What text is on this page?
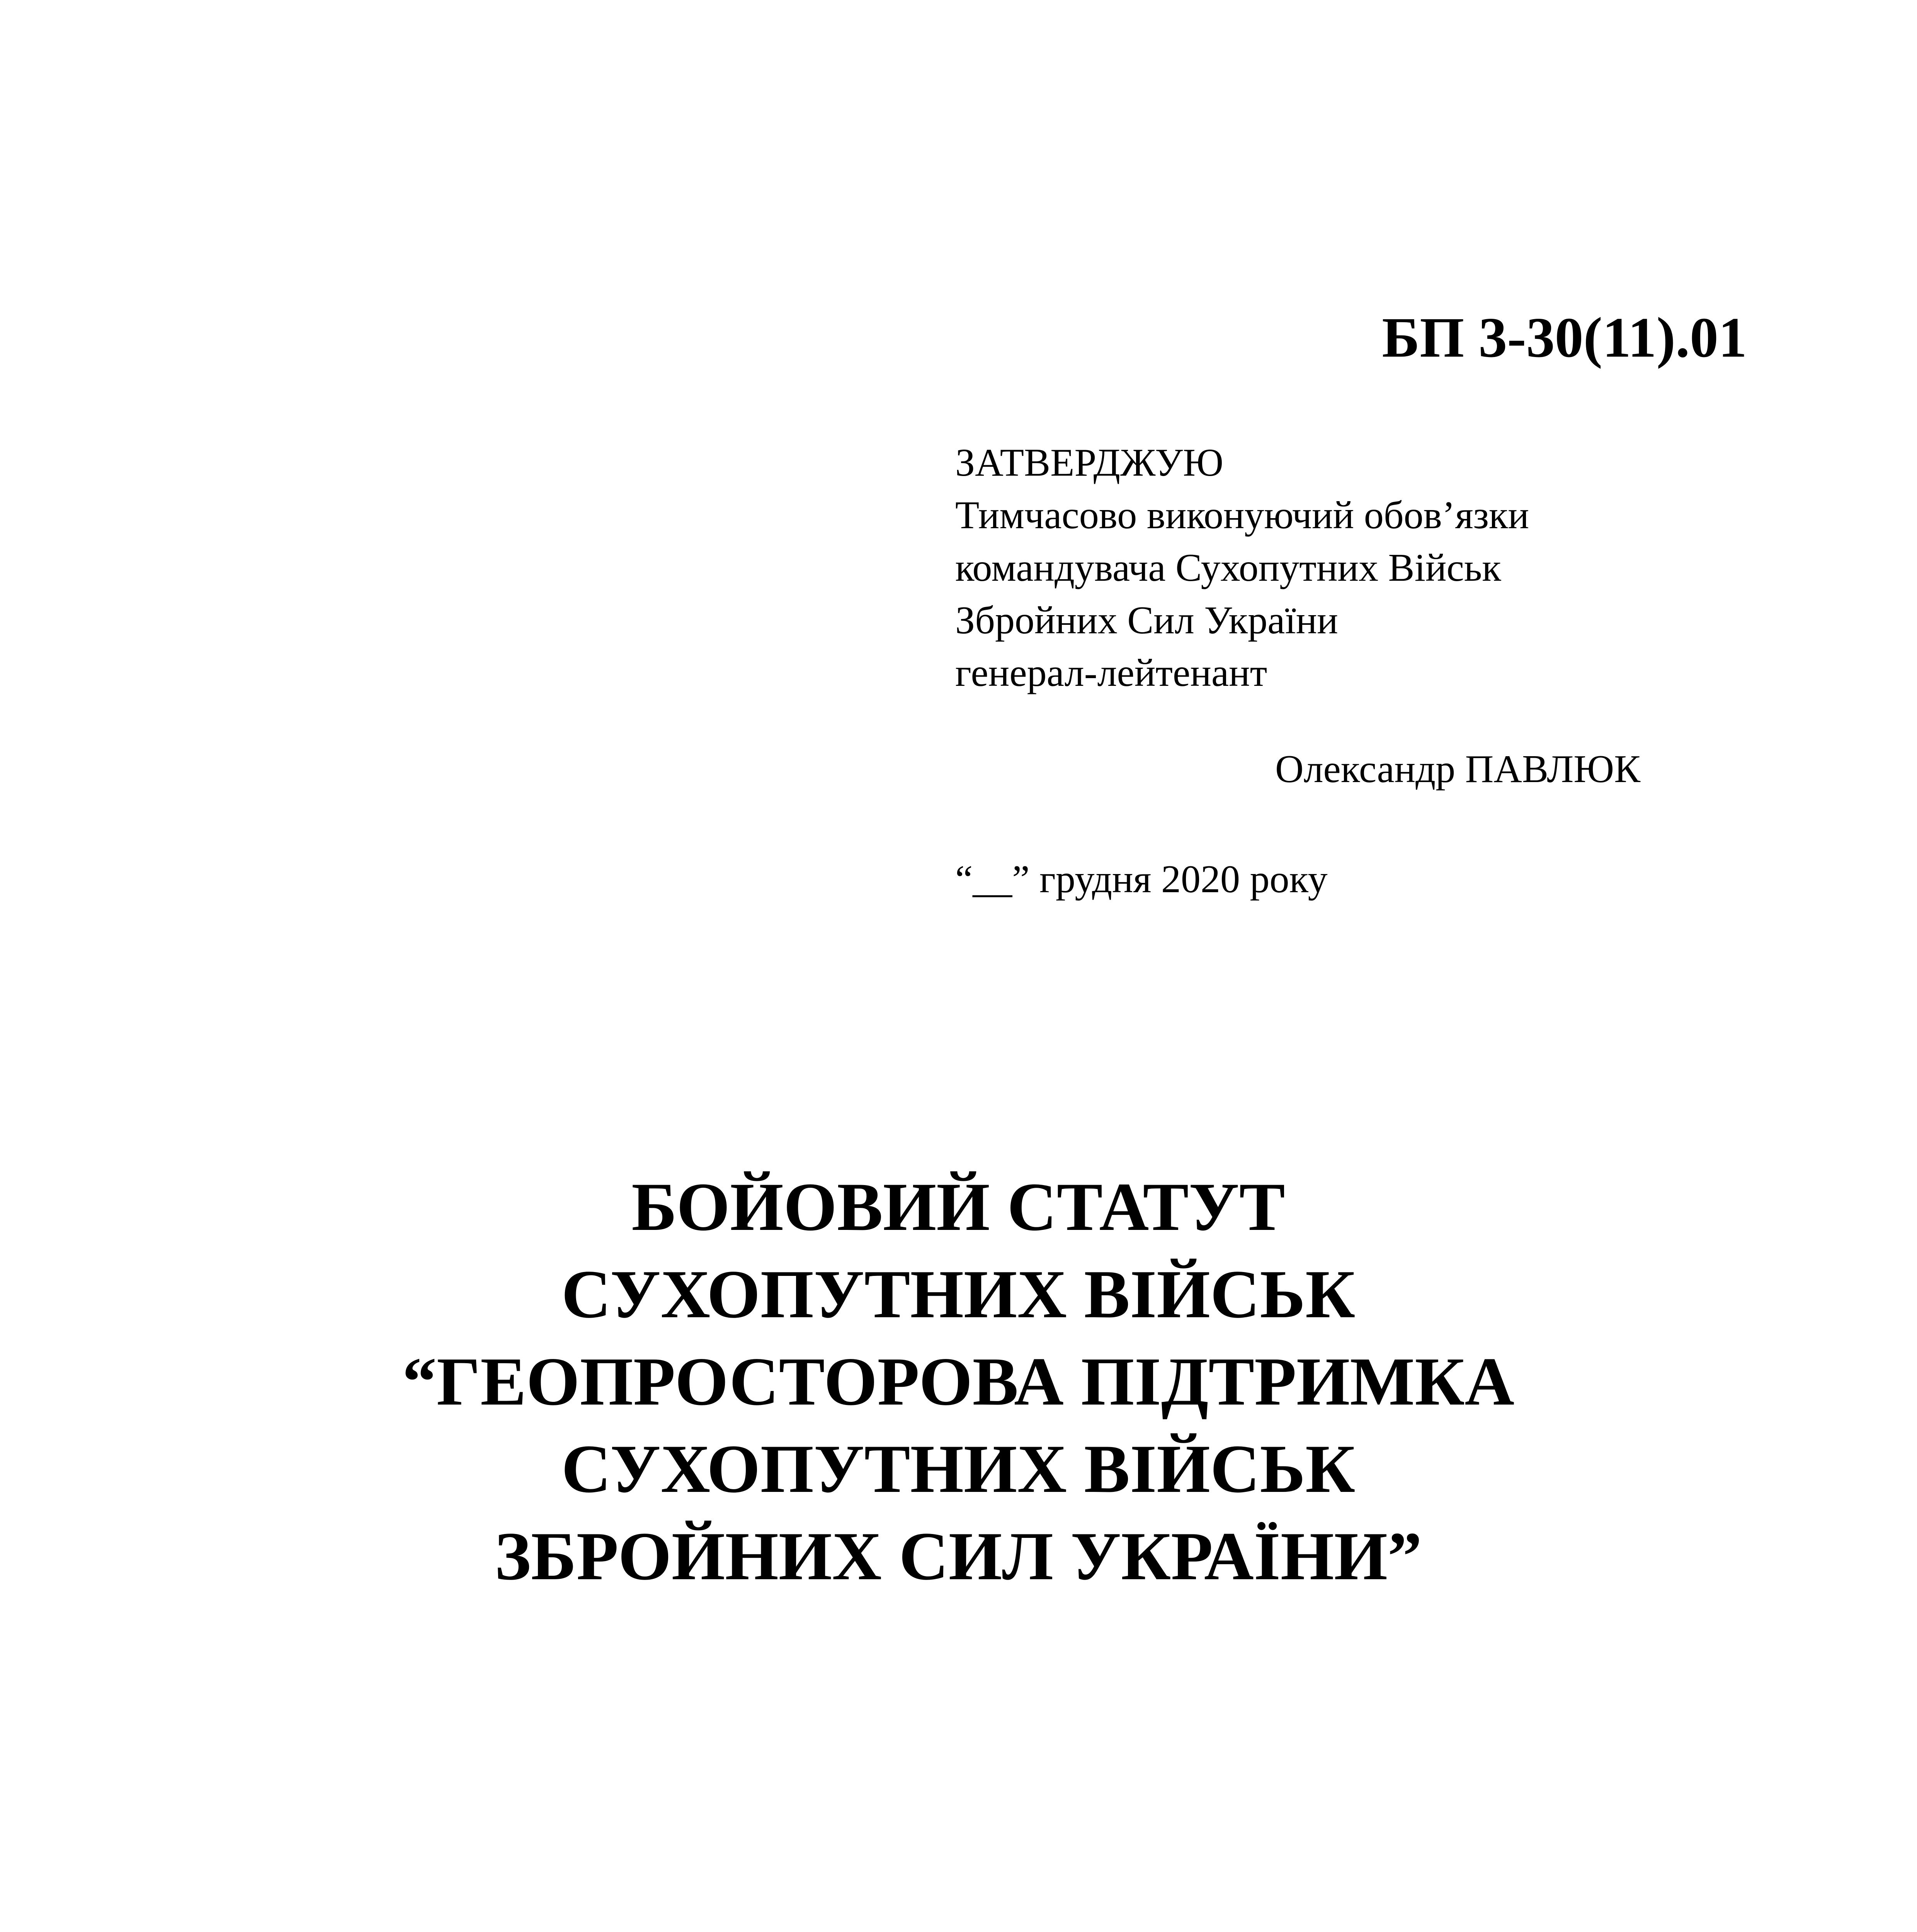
БП 3-30(11).01
ЗАТВЕРДЖУЮ
Тимчасово виконуючий обов’язки
командувача Сухопутних Військ
Збройних Сил України
генерал-лейтенант
Олександр ПАВЛЮК
“__” грудня 2020 року
БОЙОВИЙ СТАТУТ
СУХОПУТНИХ ВІЙСЬК
“ГЕОПРОСТОРОВА ПІДТРИМКА
СУХОПУТНИХ ВІЙСЬК
ЗБРОЙНИХ СИЛ УКРАЇНИ”
